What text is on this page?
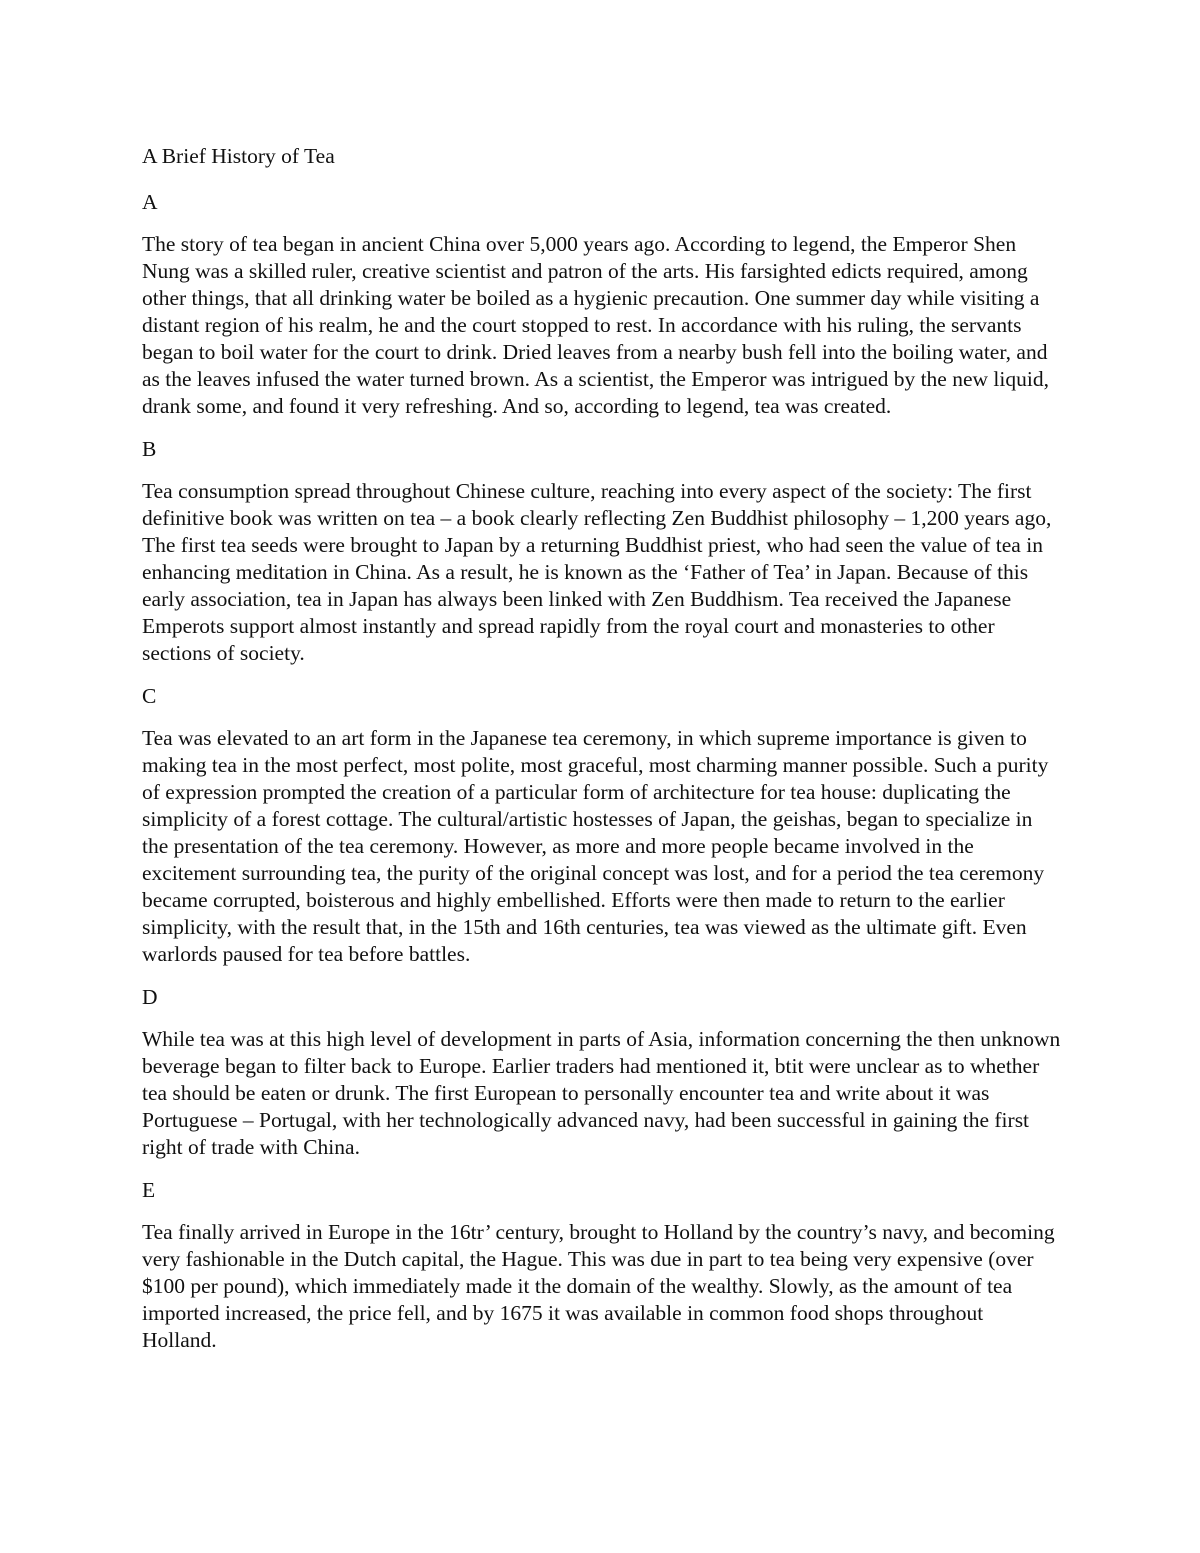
A Brief History of Tea

A

The story of tea began in ancient China over 5,000 years ago. According to legend, the Emperor Shen Nung was a skilled ruler, creative scientist and patron of the arts. His farsighted edicts required, among other things, that all drinking water be boiled as a hygienic precaution. One summer day while visiting a distant region of his realm, he and the court stopped to rest. In accordance with his ruling, the servants began to boil water for the court to drink. Dried leaves from a nearby bush fell into the boiling water, and as the leaves infused the water turned brown. As a scientist, the Emperor was intrigued by the new liquid, drank some, and found it very refreshing. And so, according to legend, tea was created.

B

Tea consumption spread throughout Chinese culture, reaching into every aspect of the society: The first definitive book was written on tea – a book clearly reflecting Zen Buddhist philosophy – 1,200 years ago, The first tea seeds were brought to Japan by a returning Buddhist priest, who had seen the value of tea in enhancing meditation in China. As a result, he is known as the ‘Father of Tea’ in Japan. Because of this early association, tea in Japan has always been linked with Zen Buddhism. Tea received the Japanese Emperots support almost instantly and spread rapidly from the royal court and monasteries to other sections of society.

C

Tea was elevated to an art form in the Japanese tea ceremony, in which supreme importance is given to making tea in the most perfect, most polite, most graceful, most charming manner possible. Such a purity of expression prompted the creation of a particular form of architecture for tea house: duplicating the simplicity of a forest cottage. The cultural/artistic hostesses of Japan, the geishas, began to specialize in the presentation of the tea ceremony. However, as more and more people became involved in the excitement surrounding tea, the purity of the original concept was lost, and for a period the tea ceremony became corrupted, boisterous and highly embellished. Efforts were then made to return to the earlier simplicity, with the result that, in the 15th and 16th centuries, tea was viewed as the ultimate gift. Even warlords paused for tea before battles.

D

While tea was at this high level of development in parts of Asia, information concerning the then unknown beverage began to filter back to Europe. Earlier traders had mentioned it, btit were unclear as to whether tea should be eaten or drunk. The first European to personally encounter tea and write about it was Portuguese – Portugal, with her technologically advanced navy, had been successful in gaining the first right of trade with China.

E

Tea finally arrived in Europe in the 16tr’ century, brought to Holland by the country’s navy, and becoming very fashionable in the Dutch capital, the Hague. This was due in part to tea being very expensive (over $100 per pound), which immediately made it the domain of the wealthy. Slowly, as the amount of tea imported increased, the price fell, and by 1675 it was available in common food shops throughout Holland.
